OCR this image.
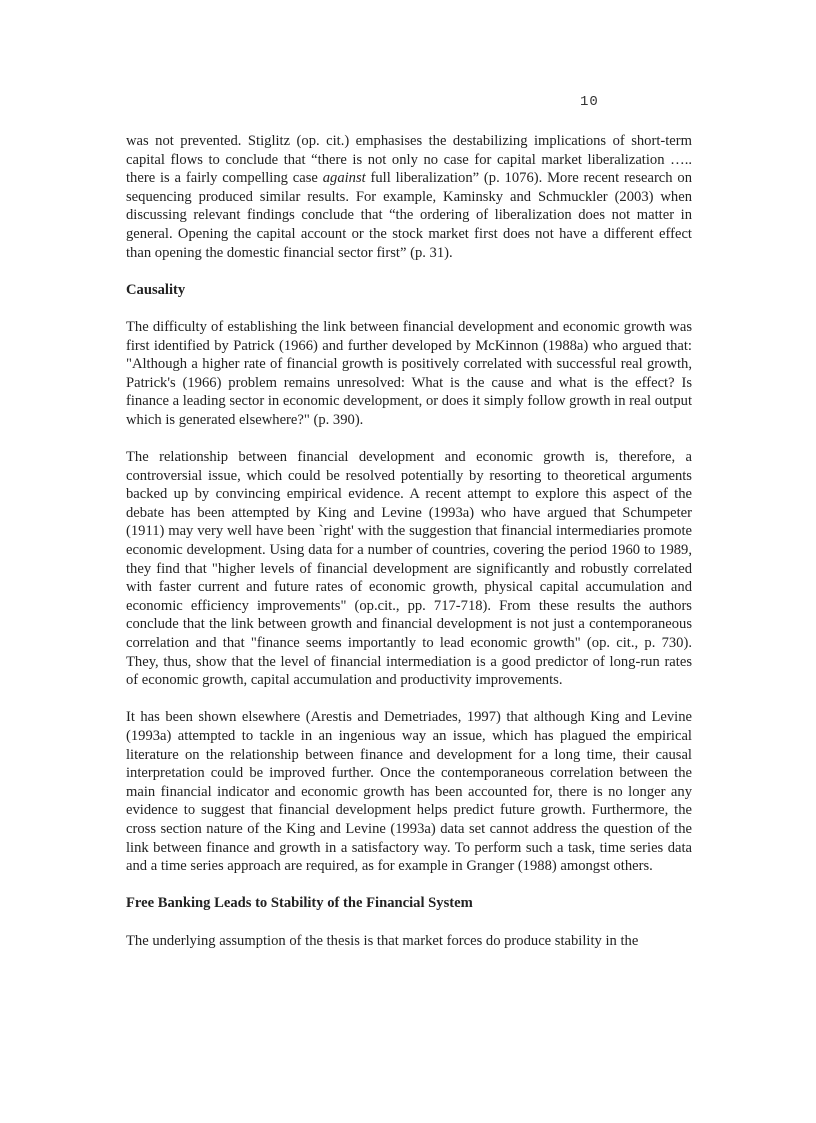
10

was not prevented. Stiglitz (op. cit.) emphasises the destabilizing implications of short-term capital flows to conclude that “there is not only no case for capital market liberalization ….. there is a fairly compelling case against full liberalization” (p. 1076). More recent research on sequencing produced similar results. For example, Kaminsky and Schmuckler (2003) when discussing relevant findings conclude that “the ordering of liberalization does not matter in general. Opening the capital account or the stock market first does not have a different effect than opening the domestic financial sector first” (p. 31).

Causality

The difficulty of establishing the link between financial development and economic growth was first identified by Patrick (1966) and further developed by McKinnon (1988a) who argued that: "Although a higher rate of financial growth is positively correlated with successful real growth, Patrick's (1966) problem remains unresolved: What is the cause and what is the effect? Is finance a leading sector in economic development, or does it simply follow growth in real output which is generated elsewhere?" (p. 390).

The relationship between financial development and economic growth is, therefore, a controversial issue, which could be resolved potentially by resorting to theoretical arguments backed up by convincing empirical evidence. A recent attempt to explore this aspect of the debate has been attempted by King and Levine (1993a) who have argued that Schumpeter (1911) may very well have been `right' with the suggestion that financial intermediaries promote economic development. Using data for a number of countries, covering the period 1960 to 1989, they find that "higher levels of financial development are significantly and robustly correlated with faster current and future rates of economic growth, physical capital accumulation and economic efficiency improvements" (op.cit., pp. 717-718). From these results the authors conclude that the link between growth and financial development is not just a contemporaneous correlation and that "finance seems importantly to lead economic growth" (op. cit., p. 730). They, thus, show that the level of financial intermediation is a good predictor of long-run rates of economic growth, capital accumulation and productivity improvements.

It has been shown elsewhere (Arestis and Demetriades, 1997) that although King and Levine (1993a) attempted to tackle in an ingenious way an issue, which has plagued the empirical literature on the relationship between finance and development for a long time, their causal interpretation could be improved further. Once the contemporaneous correlation between the main financial indicator and economic growth has been accounted for, there is no longer any evidence to suggest that financial development helps predict future growth. Furthermore, the cross section nature of the King and Levine (1993a) data set cannot address the question of the link between finance and growth in a satisfactory way. To perform such a task, time series data and a time series approach are required, as for example in Granger (1988) amongst others.

Free Banking Leads to Stability of the Financial System

The underlying assumption of the thesis is that market forces do produce stability in the
